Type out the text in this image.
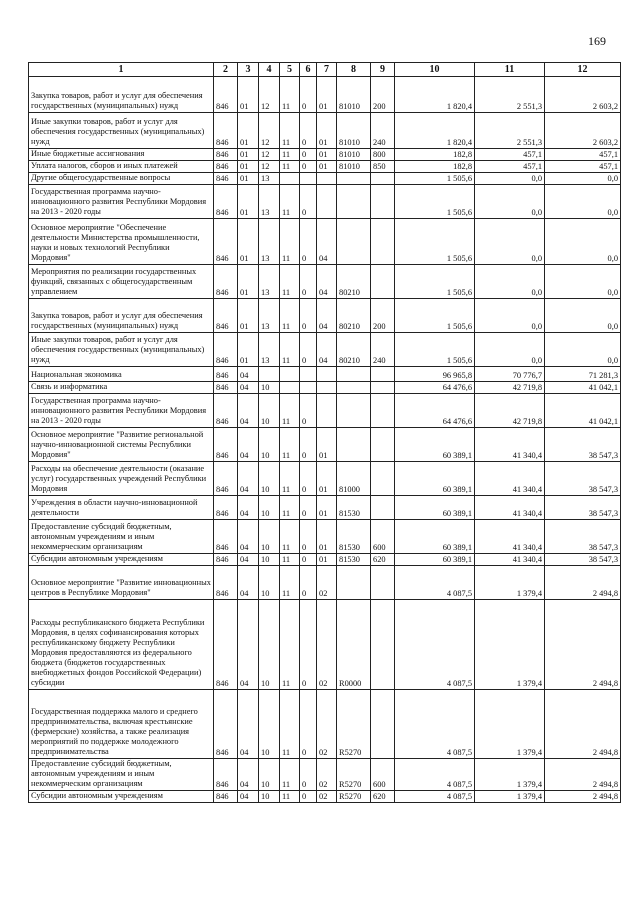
169
1	2	3	4	5	6	7	8	9	10	11	12
Закупка товаров, работ и услуг для обеспечения государственных (муниципальных) нужд	846	01	12	11	0	01	81010	200	1 820,4	2 551,3	2 603,2
Иные закупки товаров, работ и услуг для обеспечения государственных (муниципальных) нужд	846	01	12	11	0	01	81010	240	1 820,4	2 551,3	2 603,2
Иные бюджетные ассигнования	846	01	12	11	0	01	81010	800	182,8	457,1	457,1
Уплата налогов, сборов и иных платежей	846	01	12	11	0	01	81010	850	182,8	457,1	457,1
Другие общегосударственные вопросы	846	01	13						1 505,6	0,0	0,0
Государственная программа научно-инновационного развития Республики Мордовия на 2013 - 2020 годы	846	01	13	11	0				1 505,6	0,0	0,0
Основное мероприятие "Обеспечение деятельности Министерства промышленности, науки и новых технологий Республики Мордовия"	846	01	13	11	0	04			1 505,6	0,0	0,0
Мероприятия по реализации государственных функций, связанных с общегосударственным управлением	846	01	13	11	0	04	80210		1 505,6	0,0	0,0
Закупка товаров, работ и услуг для обеспечения государственных (муниципальных) нужд	846	01	13	11	0	04	80210	200	1 505,6	0,0	0,0
Иные закупки товаров, работ и услуг для обеспечения государственных (муниципальных) нужд	846	01	13	11	0	04	80210	240	1 505,6	0,0	0,0
Национальная экономика	846	04							96 965,8	70 776,7	71 281,3
Связь и информатика	846	04	10						64 476,6	42 719,8	41 042,1
Государственная программа научно-инновационного развития Республики Мордовия на 2013 - 2020 годы	846	04	10	11	0				64 476,6	42 719,8	41 042,1
Основное мероприятие "Развитие региональной научно-инновационной системы Республики Мордовия"	846	04	10	11	0	01			60 389,1	41 340,4	38 547,3
Расходы на обеспечение деятельности (оказание услуг) государственных учреждений Республики Мордовия	846	04	10	11	0	01	81000		60 389,1	41 340,4	38 547,3
Учреждения в области научно-инновационной деятельности	846	04	10	11	0	01	81530		60 389,1	41 340,4	38 547,3
Предоставление субсидий бюджетным, автономным учреждениям и иным некоммерческим организациям	846	04	10	11	0	01	81530	600	60 389,1	41 340,4	38 547,3
Субсидии автономным учреждениям	846	04	10	11	0	01	81530	620	60 389,1	41 340,4	38 547,3
Основное мероприятие "Развитие инновационных центров в Республике Мордовия"	846	04	10	11	0	02			4 087,5	1 379,4	2 494,8
Расходы республиканского бюджета Республики Мордовия, в целях софинансирования которых республиканскому бюджету Республики Мордовия предоставляются из федерального бюджета (бюджетов государственных внебюджетных фондов Российской Федерации) субсидии	846	04	10	11	0	02	R0000		4 087,5	1 379,4	2 494,8
Государственная поддержка малого и среднего предпринимательства, включая крестьянские (фермерские) хозяйства, а также реализация мероприятий по поддержке молодежного предпринимательства	846	04	10	11	0	02	R5270		4 087,5	1 379,4	2 494,8
Предоставление субсидий бюджетным, автономным учреждениям и иным некоммерческим организациям	846	04	10	11	0	02	R5270	600	4 087,5	1 379,4	2 494,8
Субсидии автономным учреждениям	846	04	10	11	0	02	R5270	620	4 087,5	1 379,4	2 494,8
